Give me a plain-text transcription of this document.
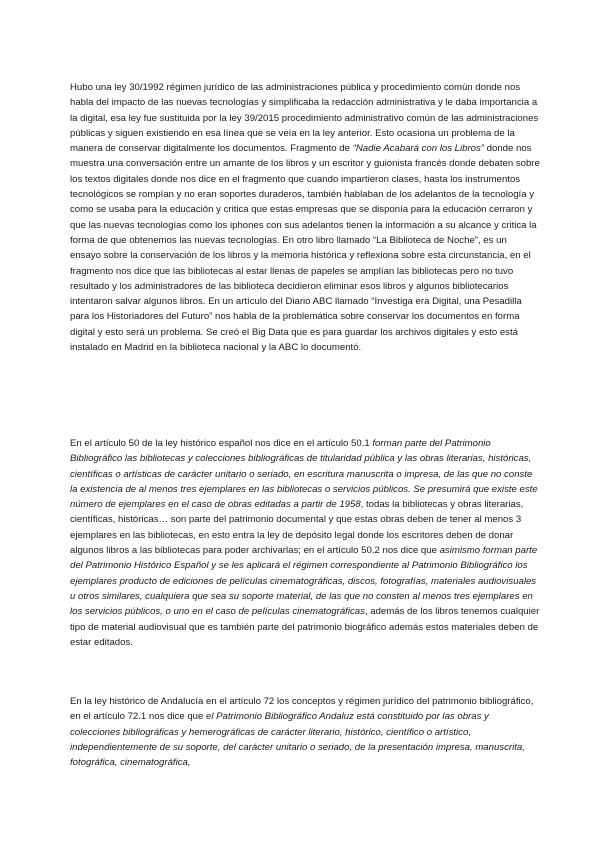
Hubo una ley 30/1992 régimen jurídico de las administraciones pública y procedimiento común donde nos habla del impacto de las nuevas tecnologías y simplificaba la redacción administrativa y le daba importancia a la digital, esa ley fue sustituida por la ley 39/2015 procedimiento administrativo común de las administraciones públicas y siguen existiendo en esa línea que se veía en la ley anterior. Esto ocasiona un problema de la manera de conservar digitalmente los documentos. Fragmento de “Nadie Acabará con los Libros” donde nos muestra una conversación entre un amante de los libros y un escritor y guionista francés donde debaten sobre los textos digitales donde nos dice en el fragmento que cuando impartieron clases, hasta los instrumentos tecnológicos se rompían y no eran soportes duraderos, también hablaban de los adelantos de la tecnología y como se usaba para la educación y critica que estas empresas que se disponía para la educación cerraron y que las nuevas tecnologías como los iphones con sus adelantos tienen la información a su alcance y critica la forma de que obtenemos las nuevas tecnologías. En otro libro llamado “La Biblioteca de Noche”, es un ensayo sobre la conservación de los libros y la memoria histórica y reflexiona sobre esta circunstancia, en el fragmento nos dice que las bibliotecas al estar llenas de papeles se amplían las bibliotecas pero no tuvo resultado y los administradores de las biblioteca decidieron eliminar esos libros y algunos bibliotecarios intentaron salvar algunos libros. En un artículo del Diario ABC llamado “Investiga era Digital, una Pesadilla para los Historiadores del Futuro” nos habla de la problemática sobre conservar los documentos en forma digital y esto será un problema. Se creó el Big Data que es para guardar los archivos digitales y esto está instalado en Madrid en la biblioteca nacional y la ABC lo documentó.

En el artículo 50 de la ley histórico español nos dice en el artículo 50.1 forman parte del Patrimonio Bibliográfico las bibliotecas y colecciones bibliográficas de titularidad pública y las obras literarias, históricas, científicas o artísticas de carácter unitario o seriado, en escritura manuscrita o impresa, de las que no conste la existencia de al menos tres ejemplares en las bibliotecas o servicios públicos. Se presumirá que existe este número de ejemplares en el caso de obras editadas a partir de 1958, todas la bibliotecas y obras literarias, científicas, históricas… son parte del patrimonio documental y que estas obras deben de tener al menos 3 ejemplares en las bibliotecas, en esto entra la ley de depósito legal donde los escritores deben de donar algunos libros a las bibliotecas para poder archivarlas; en el artículo 50.2 nos dice que asimismo forman parte del Patrimonio Histórico Español y se les aplicará el régimen correspondiente al Patrimonio Bibliográfico los ejemplares producto de ediciones de películas cinematográficas, discos, fotografías, materiales audiovisuales u otros similares, cualquiera que sea su soporte material, de las que no consten al menos tres ejemplares en los servicios públicos, o uno en el caso de películas cinematográficas, además de los libros tenemos cualquier tipo de material audiovisual que es también parte del patrimonio biográfico además estos materiales deben de estar editados.

En la ley histórico de Andalucía en el artículo 72 los conceptos y régimen jurídico del patrimonio bibliográfico, en el artículo 72.1 nos dice que el Patrimonio Bibliográfico Andaluz está constituido por las obras y colecciones bibliográficas y hemerográficas de carácter literario, histórico, científico o artístico, independientemente de su soporte, del carácter unitario o seriado, de la presentación impresa, manuscrita, fotográfica, cinematográfica,
